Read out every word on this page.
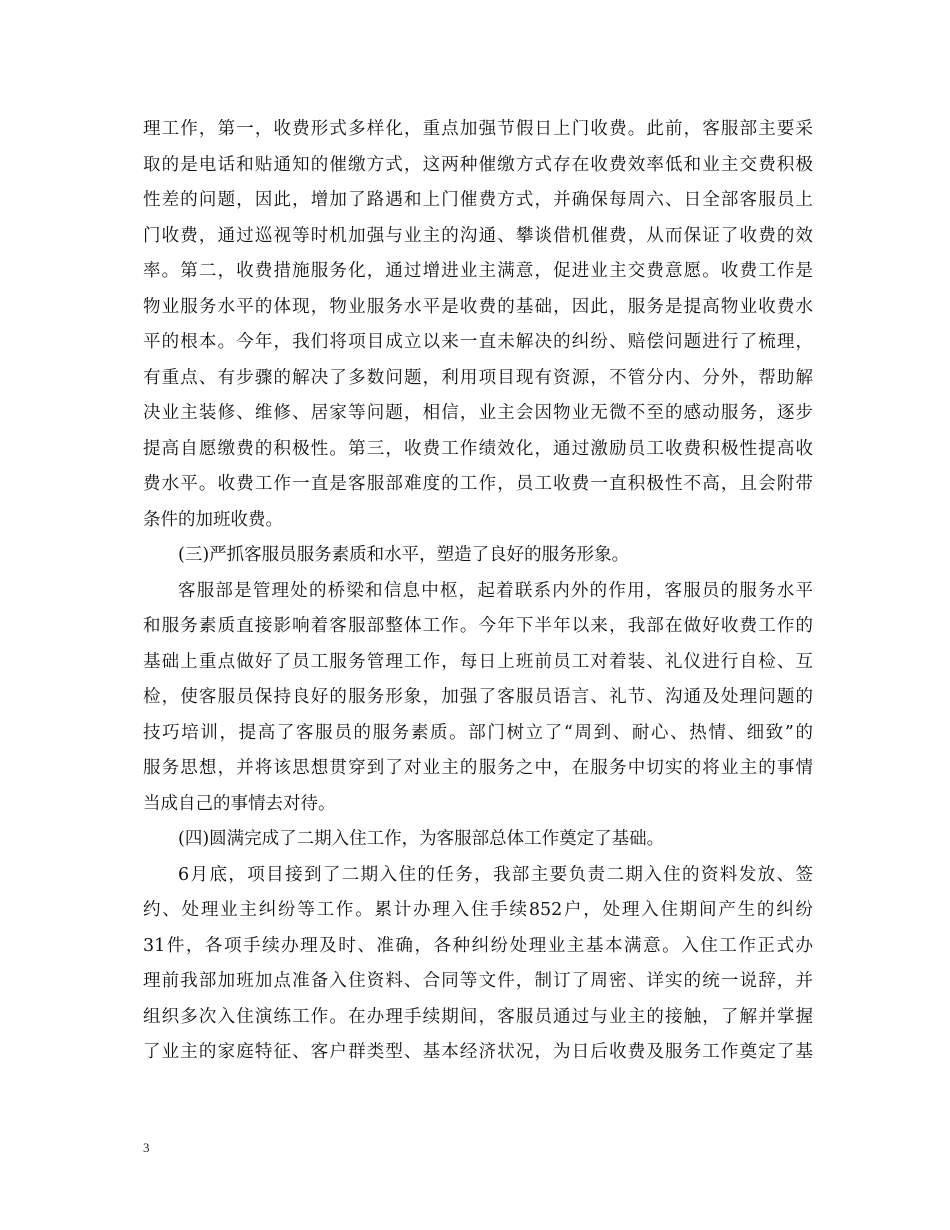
理工作，第一，收费形式多样化，重点加强节假日上门收费。此前，客服部主要采
取的是电话和贴通知的催缴方式，这两种催缴方式存在收费效率低和业主交费积极
性差的问题，因此，增加了路遇和上门催费方式，并确保每周六、日全部客服员上
门收费，通过巡视等时机加强与业主的沟通、攀谈借机催费，从而保证了收费的效
率。第二，收费措施服务化，通过增进业主满意，促进业主交费意愿。收费工作是
物业服务水平的体现，物业服务水平是收费的基础，因此，服务是提高物业收费水
平的根本。今年，我们将项目成立以来一直未解决的纠纷、赔偿问题进行了梳理，
有重点、有步骤的解决了多数问题，利用项目现有资源，不管分内、分外，帮助解
决业主装修、维修、居家等问题，相信，业主会因物业无微不至的感动服务，逐步
提高自愿缴费的积极性。第三，收费工作绩效化，通过激励员工收费积极性提高收
费水平。收费工作一直是客服部难度的工作，员工收费一直积极性不高，且会附带
条件的加班收费。
(三)严抓客服员服务素质和水平，塑造了良好的服务形象。
客服部是管理处的桥梁和信息中枢，起着联系内外的作用，客服员的服务水平
和服务素质直接影响着客服部整体工作。今年下半年以来，我部在做好收费工作的
基础上重点做好了员工服务管理工作，每日上班前员工对着装、礼仪进行自检、互
检，使客服员保持良好的服务形象，加强了客服员语言、礼节、沟通及处理问题的
技巧培训，提高了客服员的服务素质。部门树立了“周到、耐心、热情、细致”的
服务思想，并将该思想贯穿到了对业主的服务之中，在服务中切实的将业主的事情
当成自己的事情去对待。
(四)圆满完成了二期入住工作，为客服部总体工作奠定了基础。
6月底，项目接到了二期入住的任务，我部主要负责二期入住的资料发放、签
约、处理业主纠纷等工作。累计办理入住手续852户，处理入住期间产生的纠纷
31件，各项手续办理及时、准确，各种纠纷处理业主基本满意。入住工作正式办
理前我部加班加点准备入住资料、合同等文件，制订了周密、详实的统一说辞，并
组织多次入住演练工作。在办理手续期间，客服员通过与业主的接触，了解并掌握
了业主的家庭特征、客户群类型、基本经济状况，为日后收费及服务工作奠定了基
3
